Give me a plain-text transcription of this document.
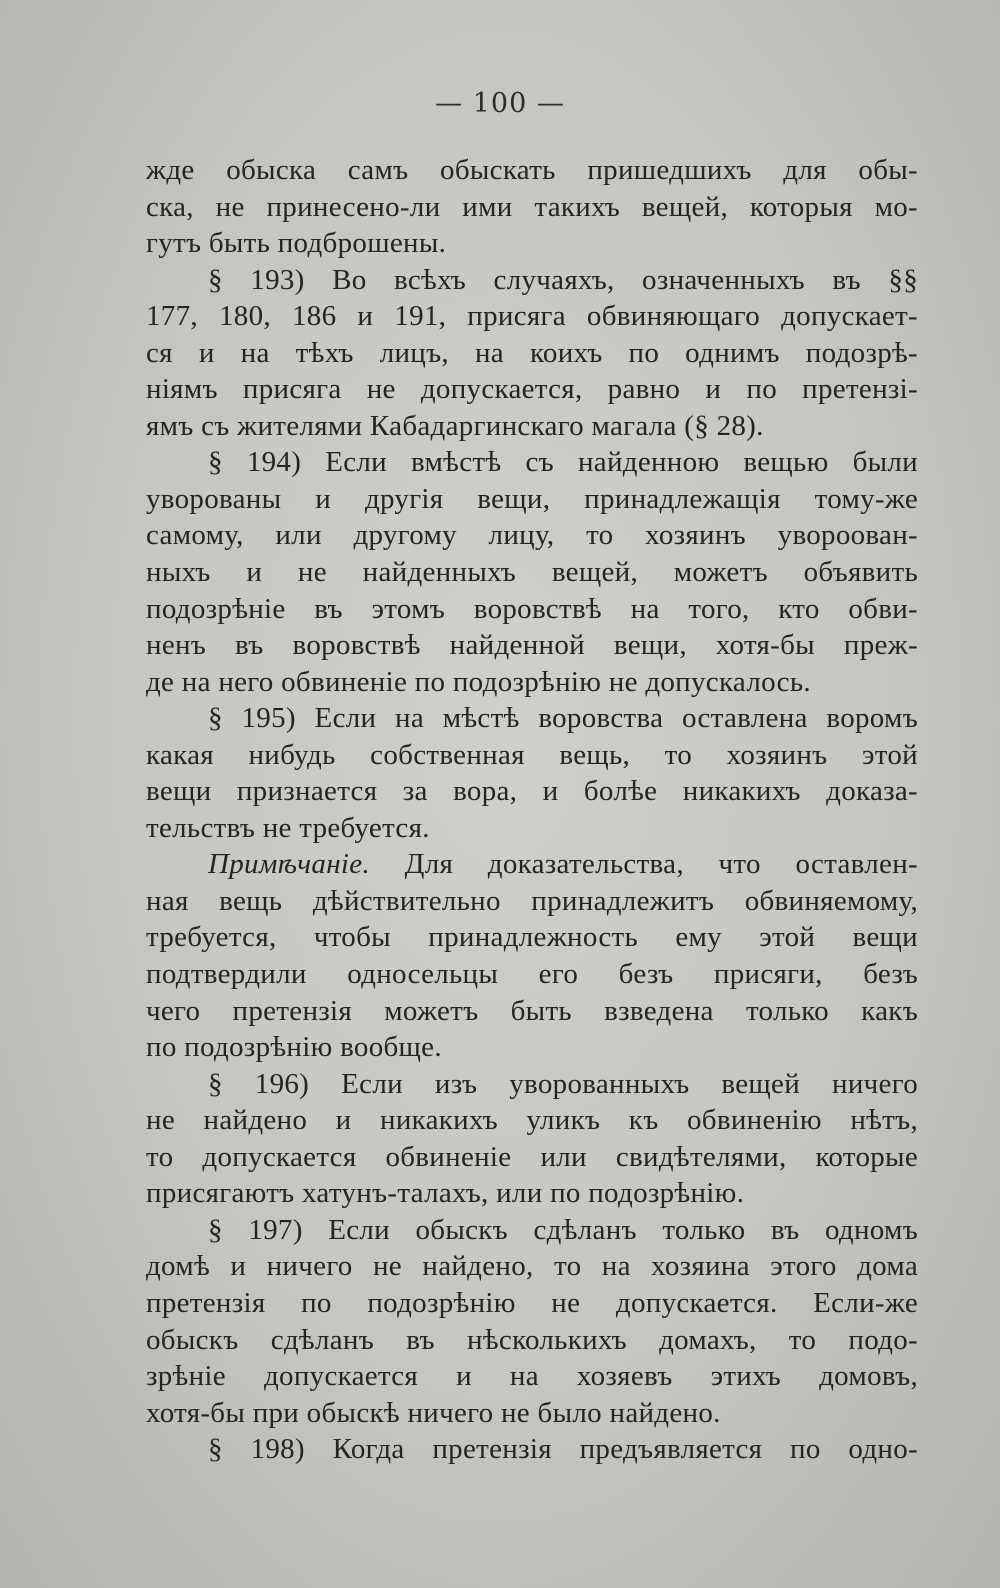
— 100 —
жде обыска самъ обыскать пришедшихъ для обы-
ска, не принесено-ли ими такихъ вещей, которыя мо-
гутъ быть подброшены.
§ 193) Во всѣхъ случаяхъ, означенныхъ въ §§
177, 180, 186 и 191, присяга обвиняющаго допускает-
ся и на тѣхъ лицъ, на коихъ по однимъ подозрѣ-
ніямъ присяга не допускается, равно и по претензі-
ямъ съ жителями Кабадаргинскаго магала (§ 28).
§ 194) Если вмѣстѣ съ найденною вещью были
уворованы и другія вещи, принадлежащія тому-же
самому, или другому лицу, то хозяинъ увороoван-
ныхъ и не найденныхъ вещей, можетъ объявить
подозрѣніе въ этомъ воровствѣ на того, кто обви-
ненъ въ воровствѣ найденной вещи, хотя-бы преж-
де на него обвиненіе по подозрѣнію не допускалось.
§ 195) Если на мѣстѣ воровства оставлена воромъ
какая нибудь собственная вещь, то хозяинъ этой
вещи признается за вора, и болѣе никакихъ доказа-
тельствъ не требуется.
Примѣчаніе. Для доказательства, что оставлен-
ная вещь дѣйствительно принадлежитъ обвиняемому,
требуется, чтобы принадлежность ему этой вещи
подтвердили односельцы его безъ присяги, безъ
чего претензія можетъ быть взведена только какъ
по подозрѣнію вообще.
§ 196) Если изъ уворованныхъ вещей ничего
не найдено и никакихъ уликъ къ обвиненію нѣтъ,
то допускается обвиненіе или свидѣтелями, которые
присягаютъ хатунъ-талахъ, или по подозрѣнію.
§ 197) Если обыскъ сдѣланъ только въ одномъ
домѣ и ничего не найдено, то на хозяина этого дома
претензія по подозрѣнію не допускается. Если-же
обыскъ сдѣланъ въ нѣсколькихъ домахъ, то подо-
зрѣніе допускается и на хозяевъ этихъ домовъ,
хотя-бы при обыскѣ ничего не было найдено.
§ 198) Когда претензія предъявляется по одно-
